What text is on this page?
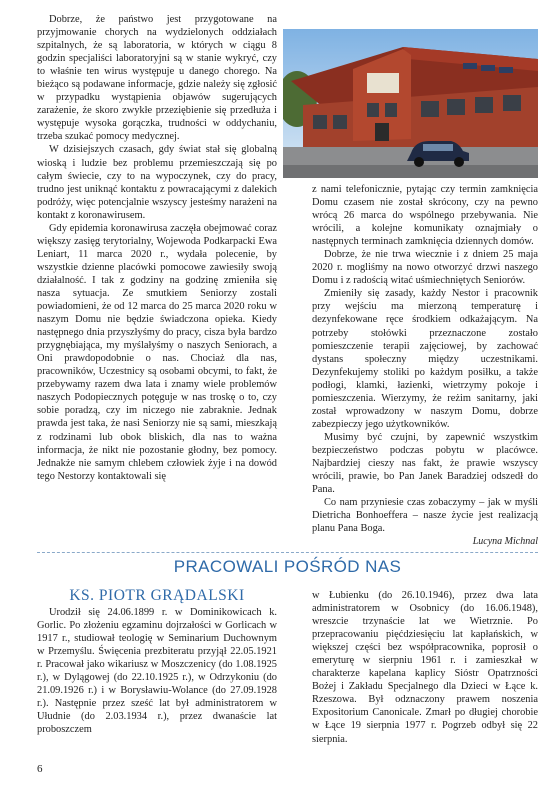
Dobrze, że państwo jest przygotowane na przyjmowanie chorych na wydzielonych oddziałach szpitalnych, że są laboratoria, w których w ciągu 8 godzin specjaliści laboratoryjni są w stanie wykryć, czy to właśnie ten wirus występuje u danego chorego. Na bieżąco są podawane informacje, gdzie należy się zgłosić w przypadku wystąpienia objawów sugerujących zarażenie, że skoro zwykłe przeziębienie się przedłuża i występuje wysoka gorączka, trudności w oddychaniu, trzeba szukać pomocy medycznej.

W dzisiejszych czasach, gdy świat stał się globalną wioską i ludzie bez problemu przemieszczają się po całym świecie, czy to na wypoczynek, czy do pracy, trudno jest uniknąć kontaktu z powracającymi z dalekich podróży, więc potencjalnie wszyscy jesteśmy narażeni na kontakt z koronawirusem.

Gdy epidemia koronawirusa zaczęła obejmować coraz większy zasięg terytorialny, Wojewoda Podkarpacki Ewa Leniart, 11 marca 2020 r., wydała polecenie, by wszystkie dzienne placówki pomocowe zawiesiły swoją działalność. I tak z godziny na godzinę zmieniła się nasza sytuacja. Ze smutkiem Seniorzy zostali powiadomieni, że od 12 marca do 25 marca 2020 roku w naszym Domu nie będzie świadczona opieka. Kiedy następnego dnia przyszłyśmy do pracy, cisza była bardzo przygnębiająca, my myślałyśmy o naszych Seniorach, a Oni prawdopodobnie o nas. Chociaż dla nas, pracowników, Uczestnicy są osobami obcymi, to fakt, że przebywamy razem dwa lata i znamy wiele problemów naszych Podopiecznych potęguje w nas troskę o to, czy sobie poradzą, czy im niczego nie zabraknie. Jednak prawda jest taka, że nasi Seniorzy nie są sami, mieszkają z rodzinami lub obok bliskich, dla nas to ważna informacja, że nikt nie pozostanie głodny, bez pomocy. Jednakże nie samym chlebem człowiek żyje i na dowód tego Nestorzy kontaktowali się

z nami telefonicznie, pytając czy termin zamknięcia Domu czasem nie został skrócony, czy na pewno wrócą 26 marca do wspólnego przebywania. Nie wrócili, a kolejne komunikaty oznajmiały o następnych terminach zamknięcia dziennych domów.

Dobrze, że nie trwa wiecznie i z dniem 25 maja 2020 r. mogliśmy na nowo otworzyć drzwi naszego Domu i z radością witać uśmiechniętych Seniorów.

Zmieniły się zasady, każdy Nestor i pracownik przy wejściu ma mierzoną temperaturę i dezynfekowane ręce środkiem odkażającym. Na potrzeby stołówki przeznaczone zostało pomieszczenie terapii zajęciowej, by zachować dystans społeczny między uczestnikami. Dezynfekujemy stoliki po każdym posiłku, a także podłogi, klamki, łazienki, wietrzymy pokoje i pomieszczenia. Wierzymy, że reżim sanitarny, jaki został wprowadzony w naszym Domu, dobrze zabezpieczy jego użytkowników.

Musimy być czujni, by zapewnić wszystkim bezpieczeństwo podczas pobytu w placówce. Najbardziej cieszy nas fakt, że prawie wszyscy wrócili, prawie, bo Pan Janek Baradziej odszedł do Pana.

Co nam przyniesie czas zobaczymy – jak w myśli Dietricha Bonhoeffera – nasze życie jest realizacją planu Pana Boga.

Lucyna Michnal

PRACOWALI POŚRÓD NAS
KS. PIOTR GRĄDALSKI

Urodził się 24.06.1899 r. w Dominikowicach k. Gorlic. Po złożeniu egzaminu dojrzałości w Gorlicach w 1917 r., studiował teologię w Seminarium Duchownym w Przemyślu. Święcenia prezbiteratu przyjął 22.05.1921 r. Pracował jako wikariusz w Moszczenicy (do 1.08.1925 r.), w Dylągowej (do 22.10.1925 r.), w Odrzykoniu (do 21.09.1926 r.) i w Borysławiu-Wolance (do 27.09.1928 r.). Następnie przez sześć lat był administratorem w Ułudnie (do 2.03.1934 r.), przez dwanaście lat proboszczem

w Łubienku (do 26.10.1946), przez dwa lata administratorem w Osobnicy (do 16.06.1948), wreszcie trzynaście lat we Wietrznie. Po przepracowaniu pięćdziesięciu lat kapłańskich, w większej części bez współpracownika, poprosił o emeryturę w sierpniu 1961 r. i zamieszkał w charakterze kapelana kaplicy Sióstr Opatrzności Bożej i Zakładu Specjalnego dla Dzieci w Łące k. Rzeszowa. Był odznaczony prawem noszenia Expositorium Canonicale. Zmarł po długiej chorobie w Łące 19 sierpnia 1977 r. Pogrzeb odbył się 22 sierpnia.

6
